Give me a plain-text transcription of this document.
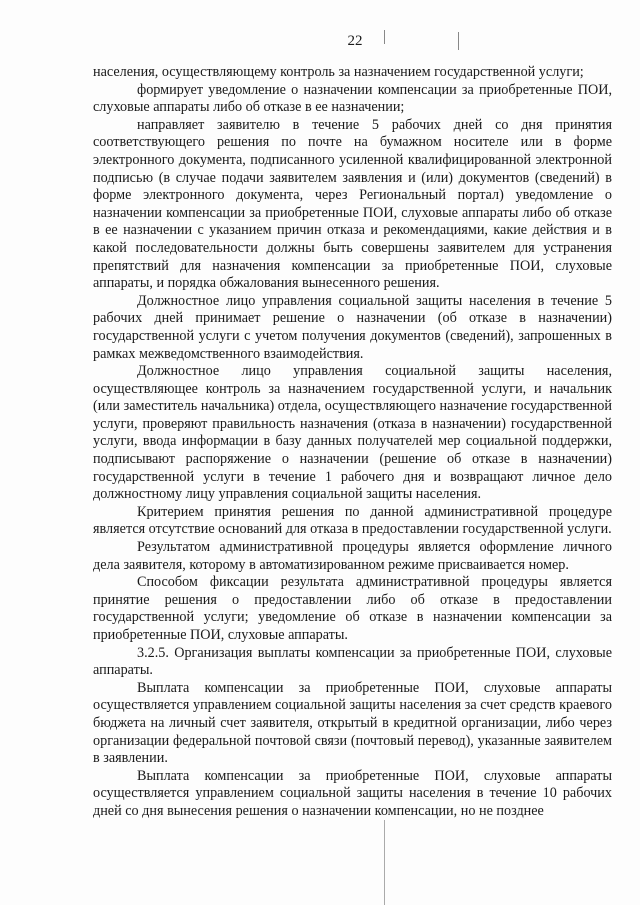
22

населения, осуществляющему контроль за назначением государственной услуги;

формирует уведомление о назначении компенсации за приобретенные ПОИ, слуховые аппараты либо об отказе в ее назначении;

направляет заявителю в течение 5 рабочих дней со дня принятия соответствующего решения по почте на бумажном носителе или в форме электронного документа, подписанного усиленной квалифицированной электронной подписью (в случае подачи заявителем заявления и (или) документов (сведений) в форме электронного документа, через Региональный портал) уведомление о назначении компенсации за приобретенные ПОИ, слуховые аппараты либо об отказе в ее назначении с указанием причин отказа и рекомендациями, какие действия и в какой последовательности должны быть совершены заявителем для устранения препятствий для назначения компенсации за приобретенные ПОИ, слуховые аппараты, и порядка обжалования вынесенного решения.

Должностное лицо управления социальной защиты населения в течение 5 рабочих дней принимает решение о назначении (об отказе в назначении) государственной услуги с учетом получения документов (сведений), запрошенных в рамках межведомственного взаимодействия.

Должностное лицо управления социальной защиты населения, осуществляющее контроль за назначением государственной услуги, и начальник (или заместитель начальника) отдела, осуществляющего назначение государственной услуги, проверяют правильность назначения (отказа в назначении) государственной услуги, ввода информации в базу данных получателей мер социальной поддержки, подписывают распоряжение о назначении (решение об отказе в назначении) государственной услуги в течение 1 рабочего дня и возвращают личное дело должностному лицу управления социальной защиты населения.

Критерием принятия решения по данной административной процедуре является отсутствие оснований для отказа в предоставлении государственной услуги.

Результатом административной процедуры является оформление личного дела заявителя, которому в автоматизированном режиме присваивается номер.

Способом фиксации результата административной процедуры является принятие решения о предоставлении либо об отказе в предоставлении государственной услуги; уведомление об отказе в назначении компенсации за приобретенные ПОИ, слуховые аппараты.

3.2.5. Организация выплаты компенсации за приобретенные ПОИ, слуховые аппараты.

Выплата компенсации за приобретенные ПОИ, слуховые аппараты осуществляется управлением социальной защиты населения за счет средств краевого бюджета на личный счет заявителя, открытый в кредитной организации, либо через организации федеральной почтовой связи (почтовый перевод), указанные заявителем в заявлении.

Выплата компенсации за приобретенные ПОИ, слуховые аппараты осуществляется управлением социальной защиты населения в течение 10 рабочих дней со дня вынесения решения о назначении компенсации, но не позднее
